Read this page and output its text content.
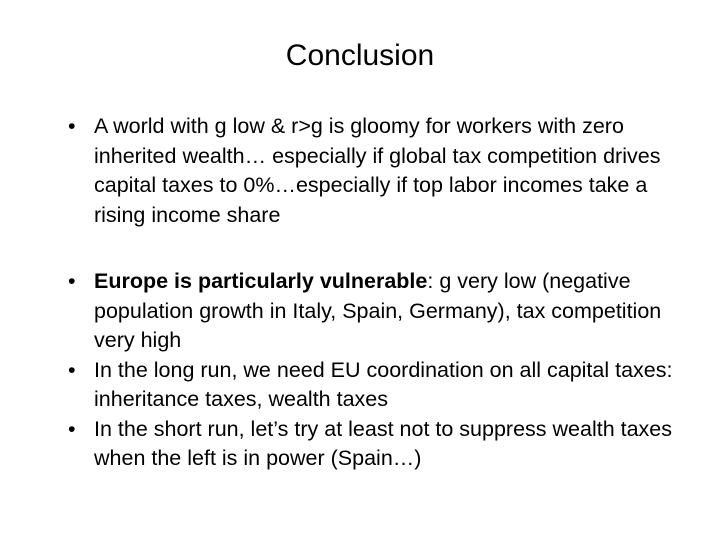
Conclusion
• A world with g low & r>g is gloomy for workers with zero inherited wealth… especially if global tax competition drives capital taxes to 0%…especially if top labor incomes take a rising income share
• Europe is particularly vulnerable: g very low (negative population growth in Italy, Spain, Germany), tax competition very high
• In the long run, we need EU coordination on all capital taxes: inheritance taxes, wealth taxes
• In the short run, let’s try at least not to suppress wealth taxes when the left is in power (Spain…)
